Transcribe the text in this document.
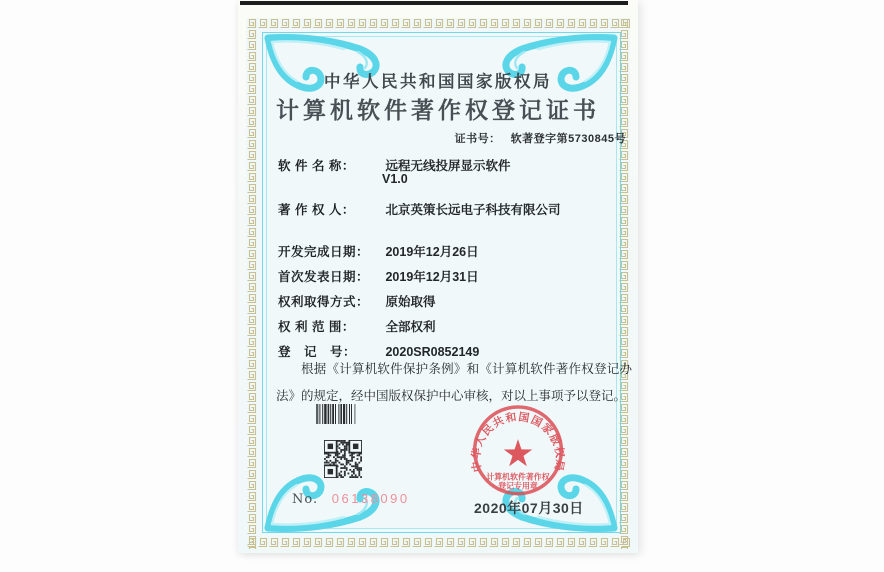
中华人民共和国国家版权局
计算机软件著作权登记证书
证书号： 软著登字第5730845号
软 件 名 称： 远程无线投屏显示软件
V1.0
著 作 权 人： 北京英策长远电子科技有限公司
开发完成日期： 2019年12月26日
首次发表日期： 2019年12月31日
权利取得方式： 原始取得
权 利 范 围： 全部权利
登　记　号： 2020SR0852149
根据《计算机软件保护条例》和《计算机软件著作权登记办法》的规定，经中国版权保护中心审核，对以上事项予以登记。
No. 06138090
2020年07月30日
中华人民共和国国家版权局
计算机软件著作权
登记专用章
